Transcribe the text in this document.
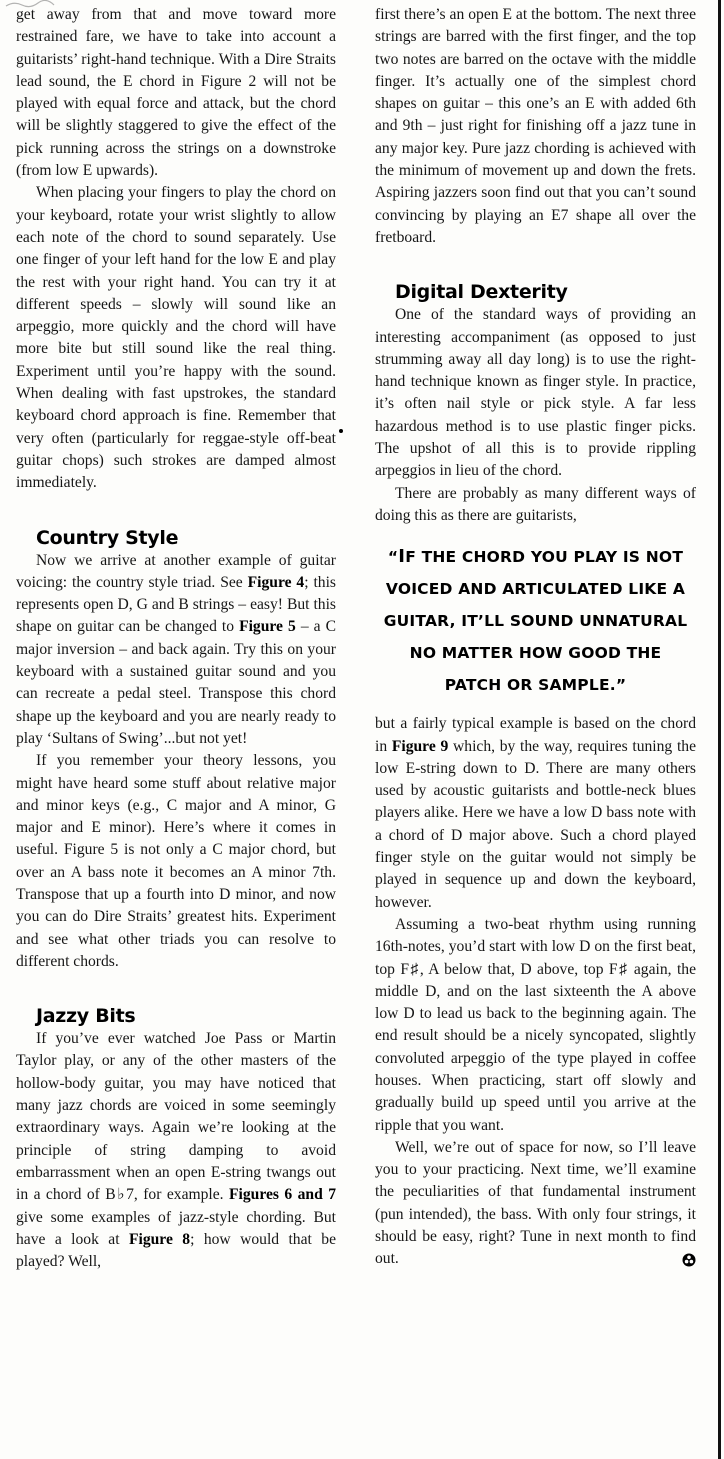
get away from that and move toward more restrained fare, we have to take into account a guitarists’ right-hand technique. With a Dire Straits lead sound, the E chord in Figure 2 will not be played with equal force and attack, but the chord will be slightly staggered to give the effect of the pick running across the strings on a downstroke (from low E upwards).

When placing your fingers to play the chord on your keyboard, rotate your wrist slightly to allow each note of the chord to sound separately. Use one finger of your left hand for the low E and play the rest with your right hand. You can try it at different speeds – slowly will sound like an arpeggio, more quickly and the chord will have more bite but still sound like the real thing. Experiment until you’re happy with the sound. When dealing with fast upstrokes, the standard keyboard chord approach is fine. Remember that very often (particularly for reggae-style off-beat guitar chops) such strokes are damped almost immediately.

Country Style

Now we arrive at another example of guitar voicing: the country style triad. See Figure 4; this represents open D, G and B strings – easy! But this shape on guitar can be changed to Figure 5 – a C major inversion – and back again. Try this on your keyboard with a sustained guitar sound and you can recreate a pedal steel. Transpose this chord shape up the keyboard and you are nearly ready to play ‘Sultans of Swing’...but not yet!

If you remember your theory lessons, you might have heard some stuff about relative major and minor keys (e.g., C major and A minor, G major and E minor). Here’s where it comes in useful. Figure 5 is not only a C major chord, but over an A bass note it becomes an A minor 7th. Transpose that up a fourth into D minor, and now you can do Dire Straits’ greatest hits. Experiment and see what other triads you can resolve to different chords.

Jazzy Bits

If you’ve ever watched Joe Pass or Martin Taylor play, or any of the other masters of the hollow-body guitar, you may have noticed that many jazz chords are voiced in some seemingly extraordinary ways. Again we’re looking at the principle of string damping to avoid embarrassment when an open E-string twangs out in a chord of B♭7, for example. Figures 6 and 7 give some examples of jazz-style chording. But have a look at Figure 8; how would that be played? Well,

first there’s an open E at the bottom. The next three strings are barred with the first finger, and the top two notes are barred on the octave with the middle finger. It’s actually one of the simplest chord shapes on guitar – this one’s an E with added 6th and 9th – just right for finishing off a jazz tune in any major key. Pure jazz chording is achieved with the minimum of movement up and down the frets. Aspiring jazzers soon find out that you can’t sound convincing by playing an E7 shape all over the fretboard.

Digital Dexterity

One of the standard ways of providing an interesting accompaniment (as opposed to just strumming away all day long) is to use the right-hand technique known as finger style. In practice, it’s often nail style or pick style. A far less hazardous method is to use plastic finger picks. The upshot of all this is to provide rippling arpeggios in lieu of the chord.

There are probably as many different ways of doing this as there are guitarists,

“IF THE CHORD YOU PLAY IS NOT
VOICED AND ARTICULATED LIKE A
GUITAR, IT’LL SOUND UNNATURAL
NO MATTER HOW GOOD THE
PATCH OR SAMPLE.”

but a fairly typical example is based on the chord in Figure 9 which, by the way, requires tuning the low E-string down to D. There are many others used by acoustic guitarists and bottle-neck blues players alike. Here we have a low D bass note with a chord of D major above. Such a chord played finger style on the guitar would not simply be played in sequence up and down the keyboard, however.

Assuming a two-beat rhythm using running 16th-notes, you’d start with low D on the first beat, top F♯, A below that, D above, top F♯ again, the middle D, and on the last sixteenth the A above low D to lead us back to the beginning again. The end result should be a nicely syncopated, slightly convoluted arpeggio of the type played in coffee houses. When practicing, start off slowly and gradually build up speed until you arrive at the ripple that you want.

Well, we’re out of space for now, so I’ll leave you to your practicing. Next time, we’ll examine the peculiarities of that fundamental instrument (pun intended), the bass. With only four strings, it should be easy, right? Tune in next month to find out.
